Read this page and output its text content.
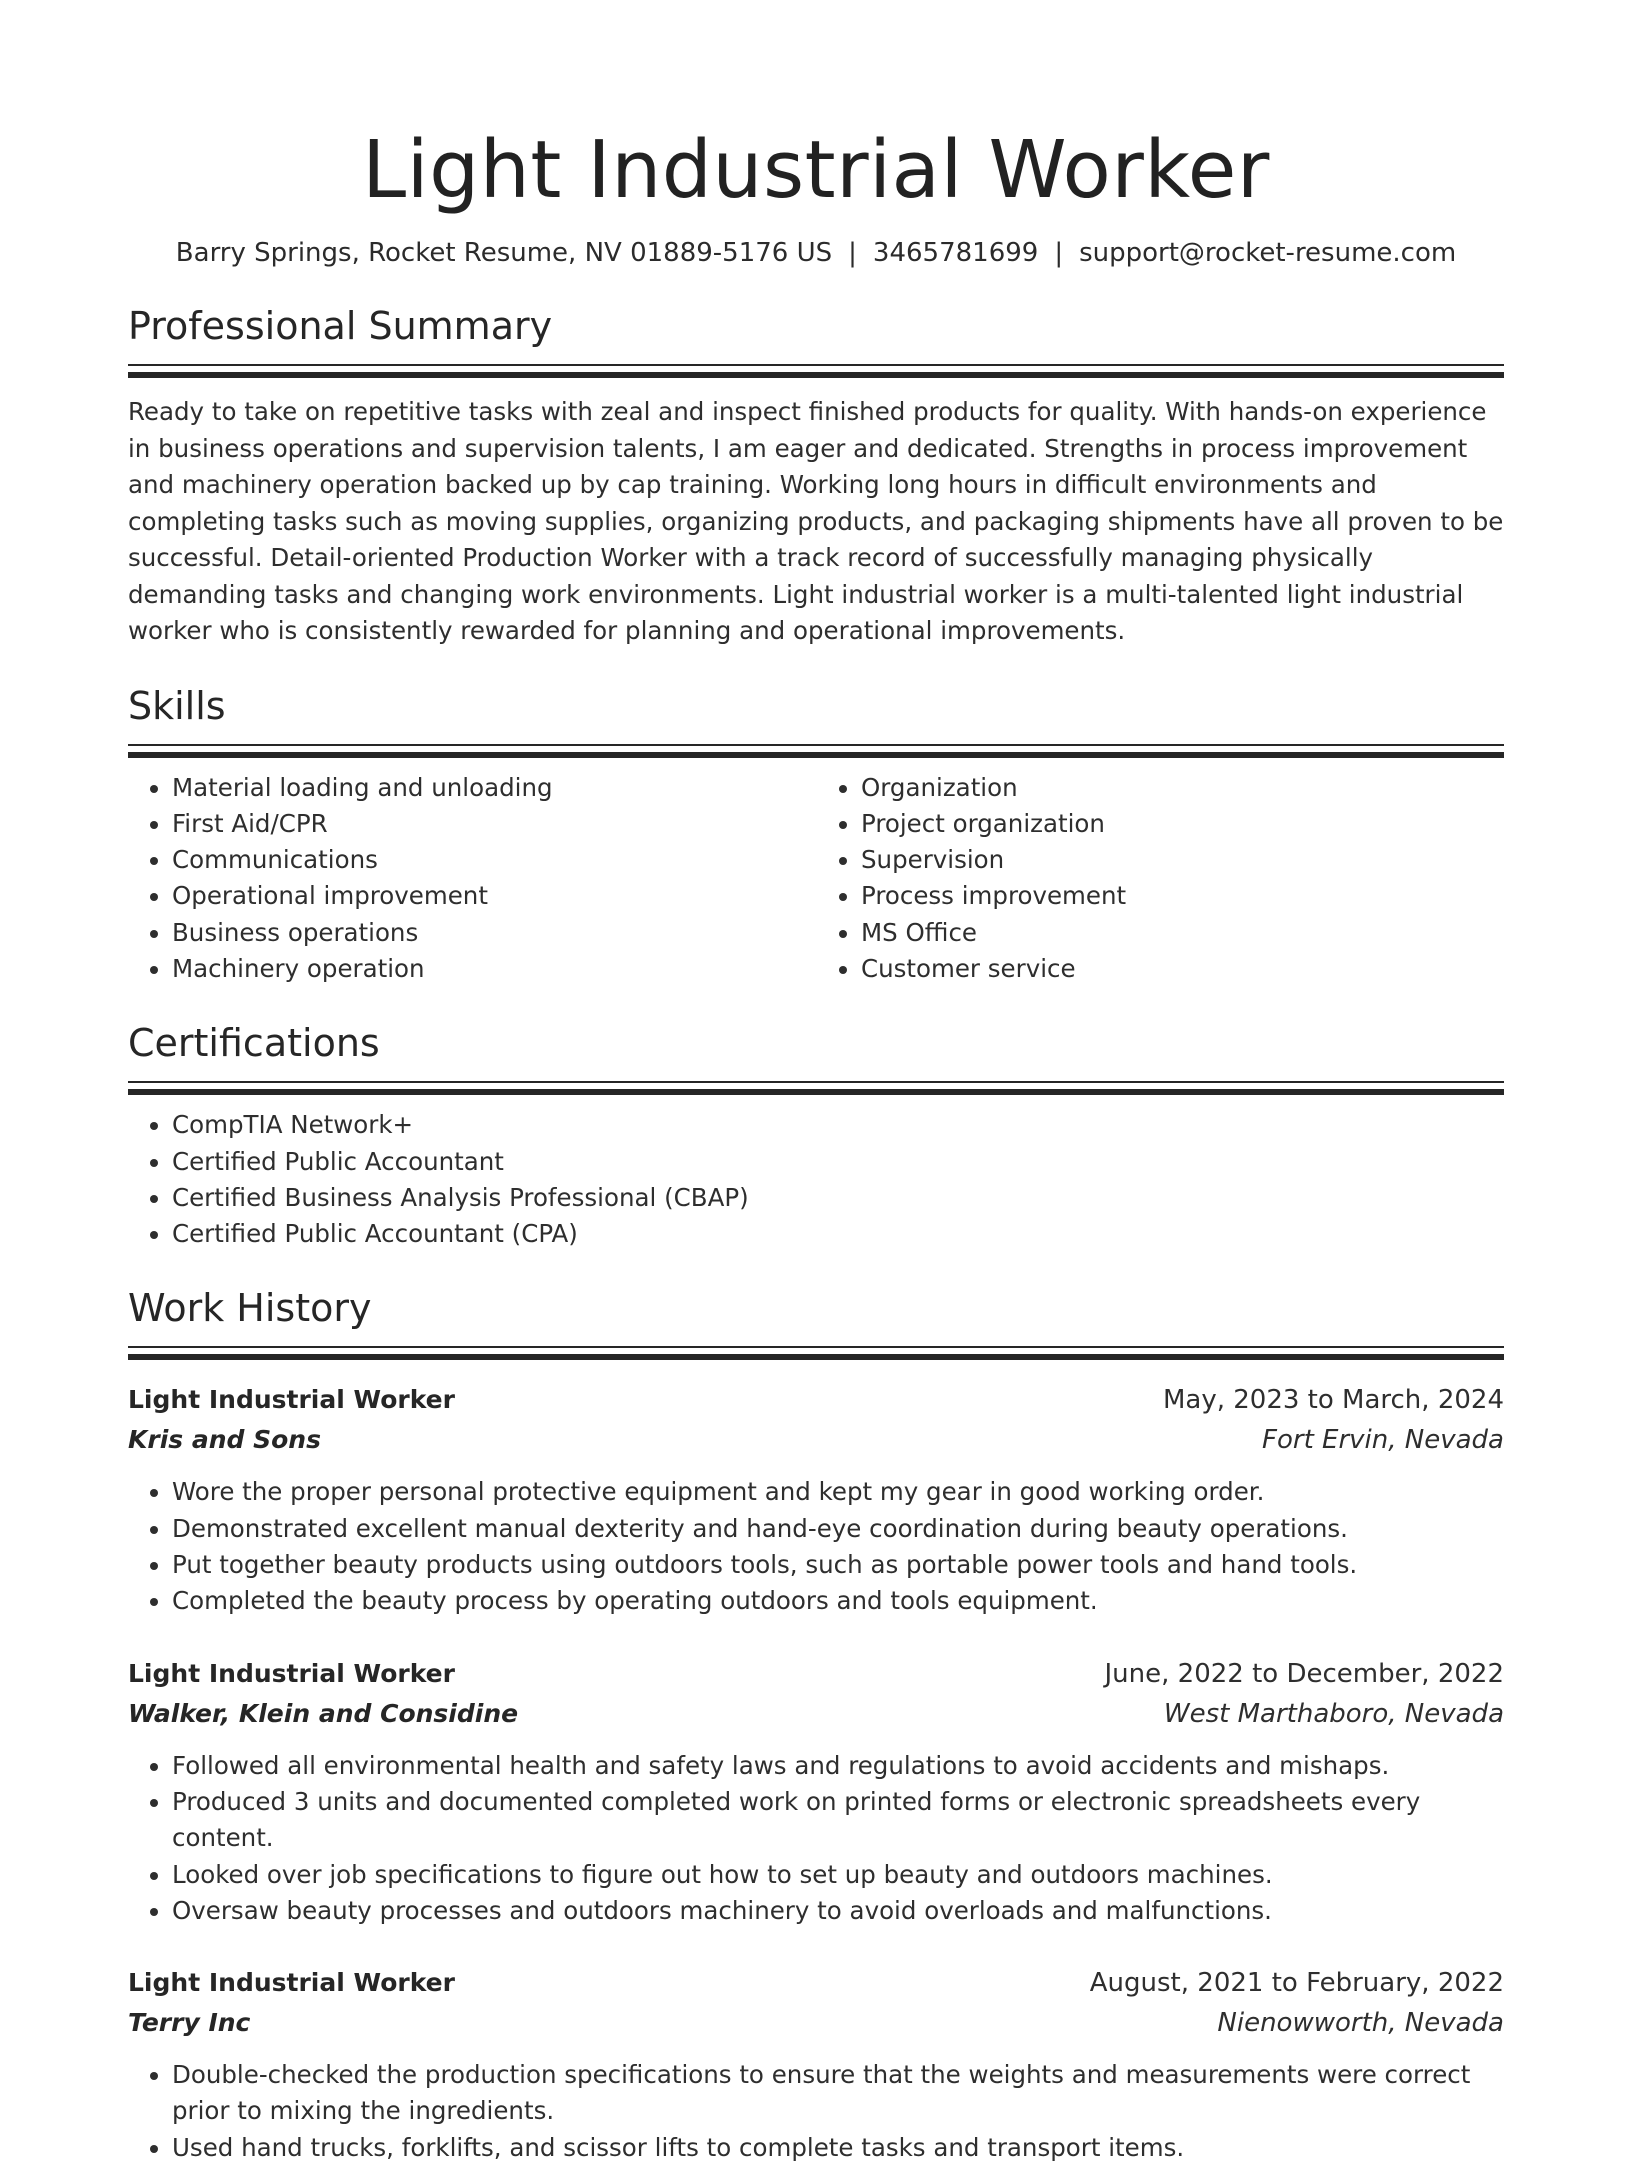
Light Industrial Worker
Barry Springs, Rocket Resume, NV 01889-5176 US | 3465781699 | support@rocket-resume.com
Professional Summary

Ready to take on repetitive tasks with zeal and inspect finished products for quality. With hands-on experience in business operations and supervision talents, I am eager and dedicated. Strengths in process improvement and machinery operation backed up by cap training. Working long hours in difficult environments and completing tasks such as moving supplies, organizing products, and packaging shipments have all proven to be successful. Detail-oriented Production Worker with a track record of successfully managing physically demanding tasks and changing work environments. Light industrial worker is a multi-talented light industrial worker who is consistently rewarded for planning and operational improvements.

Skills
• Material loading and unloading
• First Aid/CPR
• Communications
• Operational improvement
• Business operations
• Machinery operation
• Organization
• Project organization
• Supervision
• Process improvement
• MS Office
• Customer service
Certifications
• CompTIA Network+
• Certified Public Accountant
• Certified Business Analysis Professional (CBAP)
• Certified Public Accountant (CPA)
Work History
Light Industrial Worker	May, 2023 to March, 2024
Kris and Sons	Fort Ervin, Nevada
• Wore the proper personal protective equipment and kept my gear in good working order.
• Demonstrated excellent manual dexterity and hand-eye coordination during beauty operations.
• Put together beauty products using outdoors tools, such as portable power tools and hand tools.
• Completed the beauty process by operating outdoors and tools equipment.
Light Industrial Worker	June, 2022 to December, 2022
Walker, Klein and Considine	West Marthaboro, Nevada
• Followed all environmental health and safety laws and regulations to avoid accidents and mishaps.
• Produced 3 units and documented completed work on printed forms or electronic spreadsheets every content.
• Looked over job specifications to figure out how to set up beauty and outdoors machines.
• Oversaw beauty processes and outdoors machinery to avoid overloads and malfunctions.
Light Industrial Worker	August, 2021 to February, 2022
Terry Inc	Nienowworth, Nevada
• Double-checked the production specifications to ensure that the weights and measurements were correct prior to mixing the ingredients.
• Used hand trucks, forklifts, and scissor lifts to complete tasks and transport items.
